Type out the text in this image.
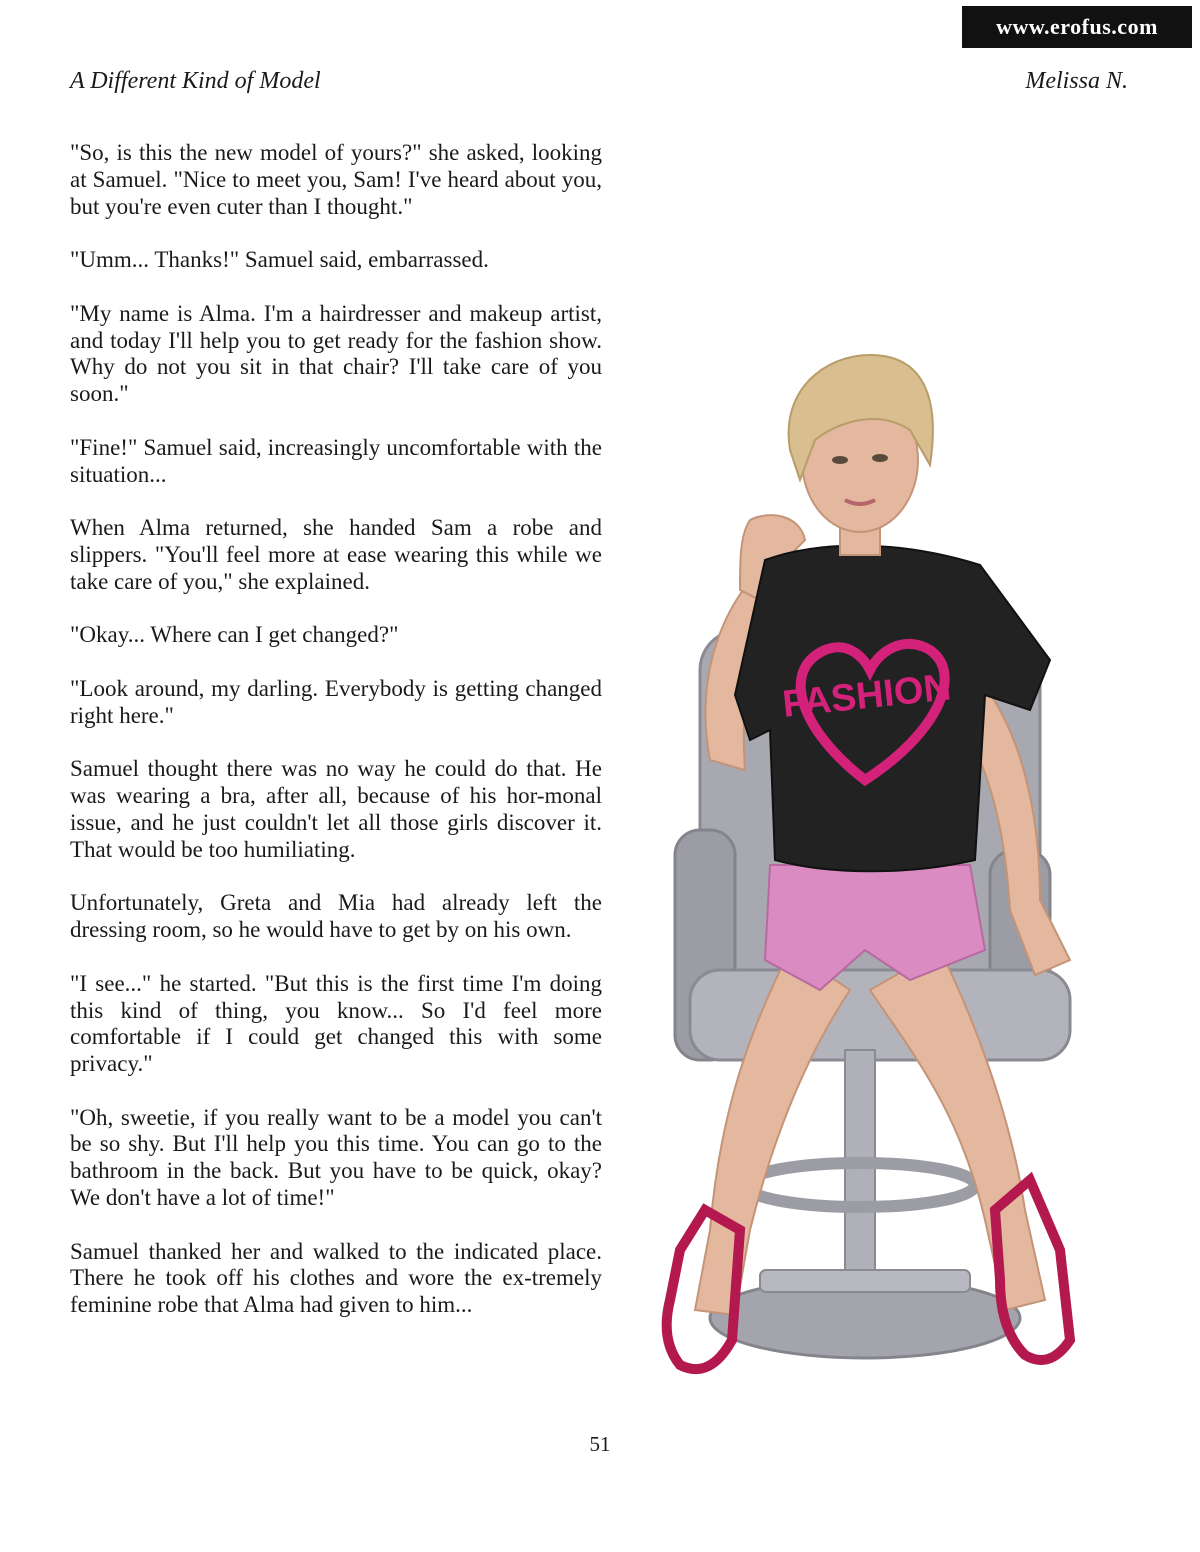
www.erofus.com
A Different Kind of Model	Melissa N.

"So, is this the new model of yours?" she asked, looking at Samuel. "Nice to meet you, Sam! I've heard about you, but you're even cuter than I thought."

"Umm... Thanks!" Samuel said, embarrassed.

"My name is Alma. I'm a hairdresser and makeup artist, and today I'll help you to get ready for the fashion show. Why do not you sit in that chair? I'll take care of you soon."

"Fine!" Samuel said, increasingly uncomfortable with the situation...

When Alma returned, she handed Sam a robe and slippers. "You'll feel more at ease wearing this while we take care of you," she explained.

"Okay... Where can I get changed?"

"Look around, my darling. Everybody is getting changed right here."

Samuel thought there was no way he could do that. He was wearing a bra, after all, because of his hor-monal issue, and he just couldn't let all those girls discover it. That would be too humiliating.

Unfortunately, Greta and Mia had already left the dressing room, so he would have to get by on his own.

"I see..." he started. "But this is the first time I'm doing this kind of thing, you know... So I'd feel more comfortable if I could get changed this with some privacy."

"Oh, sweetie, if you really want to be a model you can't be so shy. But I'll help you this time. You can go to the bathroom in the back. But you have to be quick, okay? We don't have a lot of time!"

Samuel thanked her and walked to the indicated place. There he took off his clothes and wore the ex-tremely feminine robe that Alma had given to him...

FASHION
51
